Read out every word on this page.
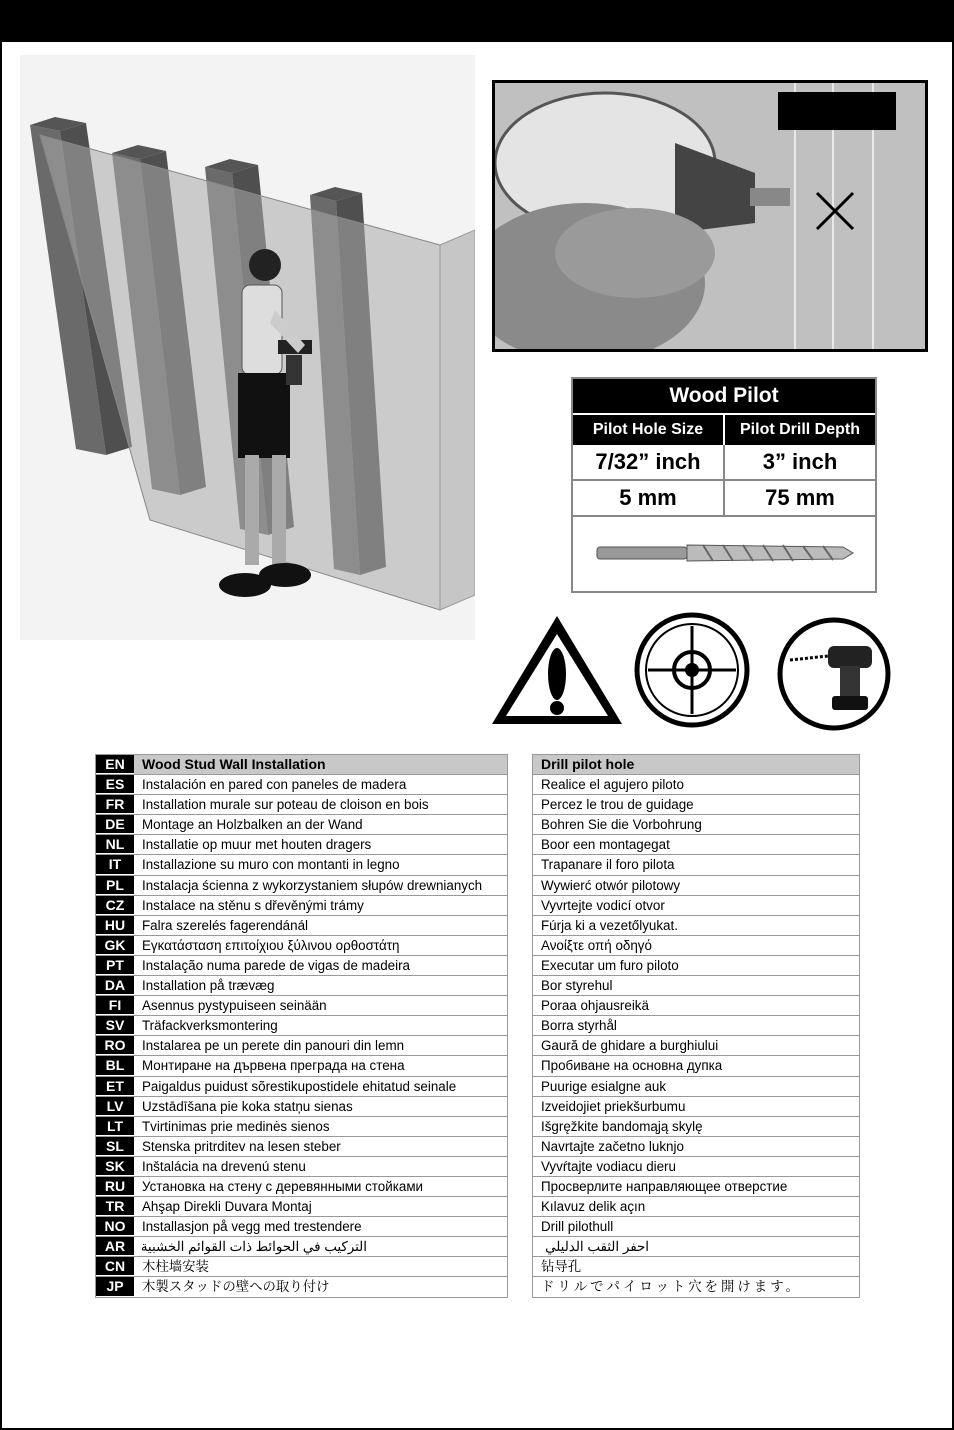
Wood Pilot
Pilot Hole Size	Pilot Drill Depth
7/32” inch	3” inch
5 mm	75 mm
EN	Wood Stud Wall Installation
ES	Instalación en pared con paneles de madera
FR	Installation murale sur poteau de cloison en bois
DE	Montage an Holzbalken an der Wand
NL	Installatie op muur met houten dragers
IT	Installazione su muro con montanti in legno
PL	Instalacja ścienna z wykorzystaniem słupów drewnianych
CZ	Instalace na stěnu s dřevěnými trámy
HU	Falra szerelés fagerendánál
GK	Εγκατάσταση επιτοίχιου ξύλινου ορθοστάτη
PT	Instalação numa parede de vigas de madeira
DA	Installation på trævæg
FI	Asennus pystypuiseen seinään
SV	Träfackverksmontering
RO	Instalarea pe un perete din panouri din lemn
BL	Монтиране на дървена преграда на стена
ET	Paigaldus puidust sõrestikupostidele ehitatud seinale
LV	Uzstādīšana pie koka statņu sienas
LT	Tvirtinimas prie medinės sienos
SL	Stenska pritrditev na lesen steber
SK	Inštalácia na drevenú stenu
RU	Установка на стену с деревянными стойками
TR	Ahşap Direkli Duvara Montaj
NO	Installasjon på vegg med trestendere
AR	التركيب في الحوائط ذات القوائم الخشبية
CN	木柱墙安装
JP	木製スタッドの壁への取り付け
Drill pilot hole
Realice el agujero piloto
Percez le trou de guidage
Bohren Sie die Vorbohrung
Boor een montagegat
Trapanare il foro pilota
Wywierć otwór pilotowy
Vyvrtejte vodicí otvor
Fúrja ki a vezetőlyukat.
Ανοίξτε οπή οδηγό
Executar um furo piloto
Bor styrehul
Poraa ohjausreikä
Borra styrhål
Gaură de ghidare a burghiului
Пробиване на основна дупка
Puurige esialgne auk
Izveidojiet priekšurbumu
Išgręžkite bandomąją skylę
Navrtajte začetno luknjo
Vyvŕtajte vodiacu dieru
Просверлите направляющее отверстие
Kılavuz delik açın
Drill pilothull
احفر الثقب الدليلي
钻导孔
ドリルでパイロット穴を開けます。
